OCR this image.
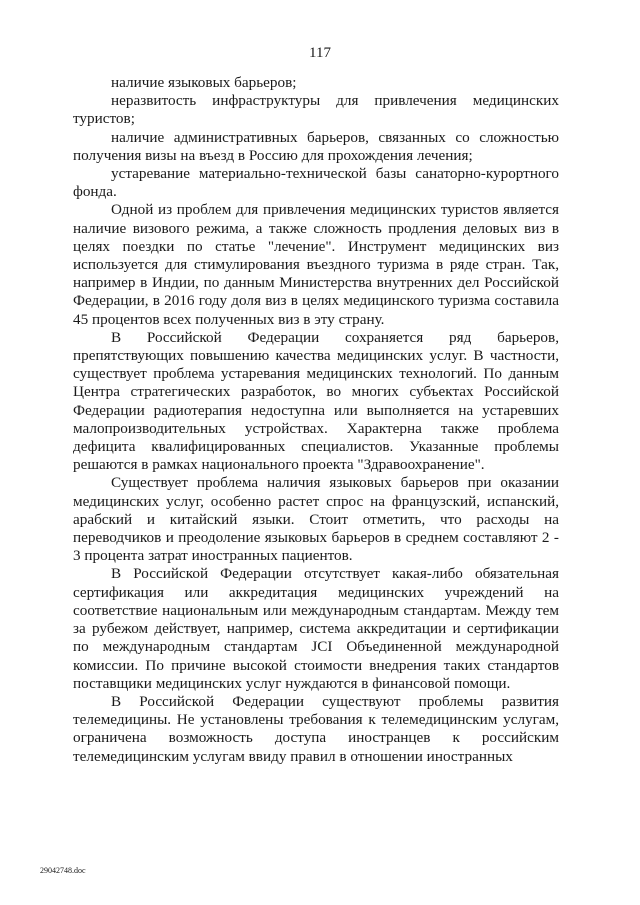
117

наличие языковых барьеров;

неразвитость инфраструктуры для привлечения медицинских туристов;

наличие административных барьеров, связанных со сложностью получения визы на въезд в Россию для прохождения лечения;

устаревание материально-технической базы санаторно-курортного фонда.

Одной из проблем для привлечения медицинских туристов является наличие визового режима, а также сложность продления деловых виз в целях поездки по статье "лечение". Инструмент медицинских виз используется для стимулирования въездного туризма в ряде стран. Так, например в Индии, по данным Министерства внутренних дел Российской Федерации, в 2016 году доля виз в целях медицинского туризма составила 45 процентов всех полученных виз в эту страну.

В Российской Федерации сохраняется ряд барьеров, препятствующих повышению качества медицинских услуг. В частности, существует проблема устаревания медицинских технологий. По данным Центра стратегических разработок, во многих субъектах Российской Федерации радиотерапия недоступна или выполняется на устаревших малопроизводительных устройствах. Характерна также проблема дефицита квалифицированных специалистов. Указанные проблемы решаются в рамках национального проекта "Здравоохранение".

Существует проблема наличия языковых барьеров при оказании медицинских услуг, особенно растет спрос на французский, испанский, арабский и китайский языки. Стоит отметить, что расходы на переводчиков и преодоление языковых барьеров в среднем составляют 2 - 3 процента затрат иностранных пациентов.

В Российской Федерации отсутствует какая-либо обязательная сертификация или аккредитация медицинских учреждений на соответствие национальным или международным стандартам. Между тем за рубежом действует, например, система аккредитации и сертификации по международным стандартам JCI Объединенной международной комиссии. По причине высокой стоимости внедрения таких стандартов поставщики медицинских услуг нуждаются в финансовой помощи.

В Российской Федерации существуют проблемы развития телемедицины. Не установлены требования к телемедицинским услугам, ограничена возможность доступа иностранцев к российским телемедицинским услугам ввиду правил в отношении иностранных

29042748.doc
